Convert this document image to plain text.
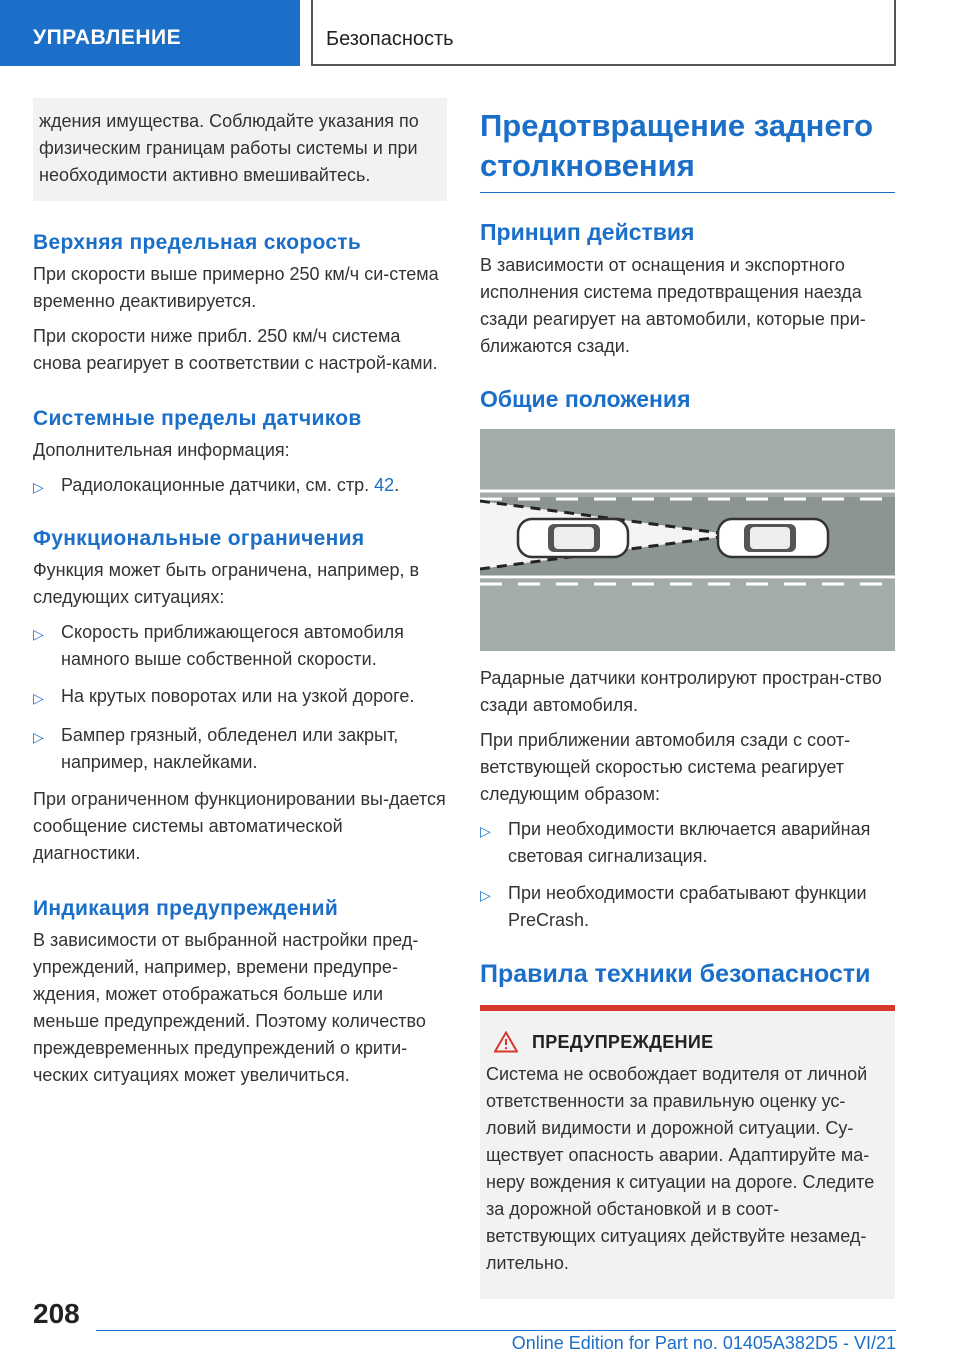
УПРАВЛЕНИЕ	Безопасность
ждения имущества. Соблюдайте указания по физическим границам работы системы и при необходимости активно вмешивайтесь.
Верхняя предельная скорость
При скорости выше примерно 250 км/ч си-стема временно деактивируется.
При скорости ниже прибл. 250 км/ч система снова реагирует в соответствии с настрой-ками.
Системные пределы датчиков
Дополнительная информация:
▷ Радиолокационные датчики, см. стр. 42.
Функциональные ограничения
Функция может быть ограничена, например, в следующих ситуациях:
▷ Скорость приближающегося автомобиля намного выше собственной скорости.
▷ На крутых поворотах или на узкой дороге.
▷ Бампер грязный, обледенел или закрыт, например, наклейками.
При ограниченном функционировании вы-дается сообщение системы автоматической диагностики.
Индикация предупреждений
В зависимости от выбранной настройки пред-упреждений, например, времени предупре-ждения, может отображаться больше или меньше предупреждений. Поэтому количество преждевременных предупреждений о крити-ческих ситуациях может увеличиться.
Предотвращение заднего столкновения
Принцип действия
В зависимости от оснащения и экспортного исполнения система предотвращения наезда сзади реагирует на автомобили, которые при-ближаются сзади.
Общие положения
Радарные датчики контролируют простран-ство сзади автомобиля.
При приближении автомобиля сзади с соот-ветствующей скоростью система реагирует следующим образом:
▷ При необходимости включается аварийная световая сигнализация.
▷ При необходимости срабатывают функции PreCrash.
Правила техники безопасности
ПРЕДУПРЕЖДЕНИЕ
Система не освобождает водителя от личной ответственности за правильную оценку ус-ловий видимости и дорожной ситуации. Су-ществует опасность аварии. Адаптируйте ма-неру вождения к ситуации на дороге. Следите за дорожной обстановкой и в соот-ветствующих ситуациях действуйте незамед-лительно.
208
Online Edition for Part no. 01405A382D5 - VI/21
